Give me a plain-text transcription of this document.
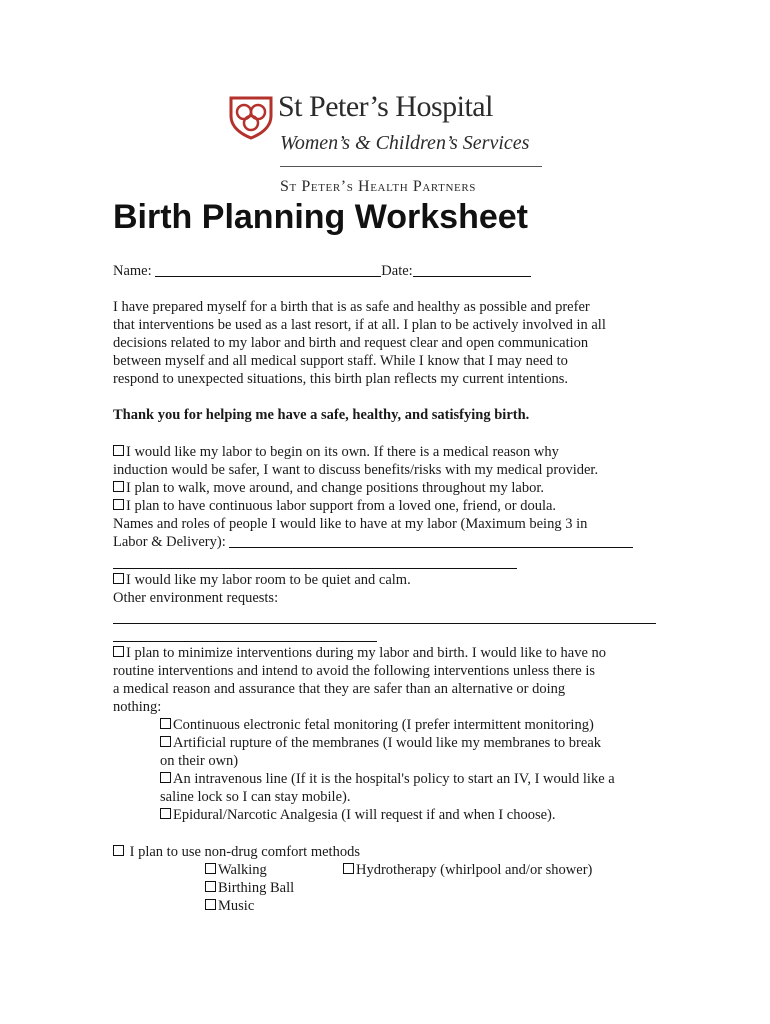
St Peter’s Hospital
Women’s & Children’s Services
St Peter’s Health Partners
Birth Planning Worksheet
Name:	Date:
I have prepared myself for a birth that is as safe and healthy as possible and prefer
that interventions be used as a last resort, if at all. I plan to be actively involved in all
decisions related to my labor and birth and request clear and open communication
between myself and all medical support staff. While I know that I may need to
respond to unexpected situations, this birth plan reflects my current intentions.
Thank you for helping me have a safe, healthy, and satisfying birth.
I would like my labor to begin on its own. If there is a medical reason why
induction would be safer, I want to discuss benefits/risks with my medical provider.
I plan to walk, move around, and change positions throughout my labor.
I plan to have continuous labor support from a loved one, friend, or doula.
Names and roles of people I would like to have at my labor (Maximum being 3 in
Labor & Delivery):
I would like my labor room to be quiet and calm.
Other environment requests:
I plan to minimize interventions during my labor and birth. I would like to have no
routine interventions and intend to avoid the following interventions unless there is
a medical reason and assurance that they are safer than an alternative or doing
nothing:
Continuous electronic fetal monitoring (I prefer intermittent monitoring)
Artificial rupture of the membranes (I would like my membranes to break
on their own)
An intravenous line (If it is the hospital's policy to start an IV, I would like a
saline lock so I can stay mobile).
Epidural/Narcotic Analgesia (I will request if and when I choose).
I plan to use non-drug comfort methods
Walking	Hydrotherapy (whirlpool and/or shower)
Birthing Ball
Music
